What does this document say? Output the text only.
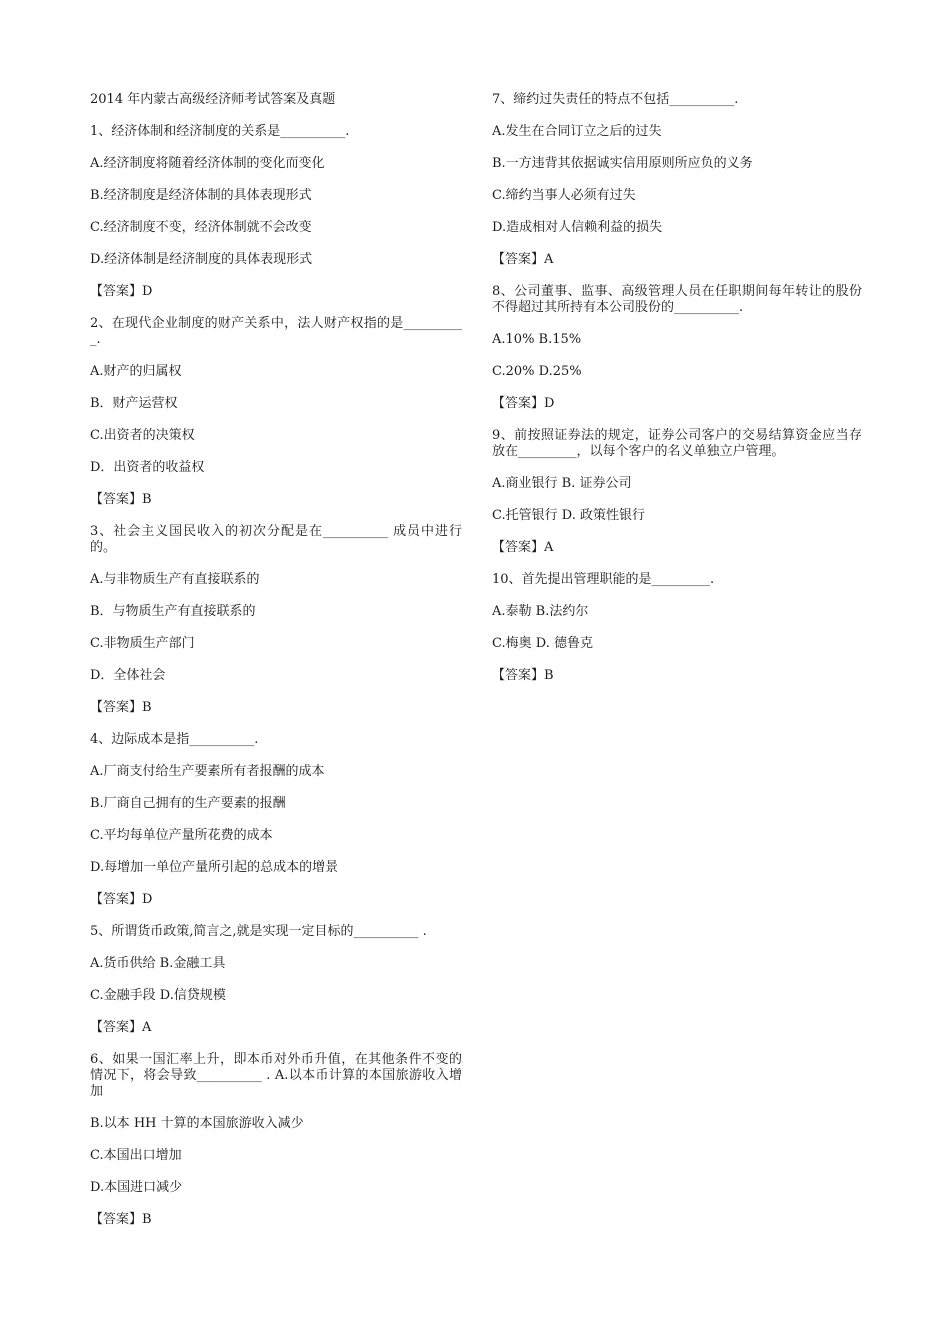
2014 年内蒙古高级经济师考试答案及真题
1、经济体制和经济制度的关系是__________.
A.经济制度将随着经济体制的变化而变化
B.经济制度是经济体制的具体表现形式
C.经济制度不变，经济体制就不会改变
D.经济体制是经济制度的具体表现形式
【答案】D
2、在现代企业制度的财产关系中，法人财产权指的是__________.
A.财产的归属权
B．财产运营权
C.出资者的决策权
D．出资者的收益权
【答案】B
3、社会主义国民收入的初次分配是在__________ 成员中进行的。
A.与非物质生产有直接联系的
B．与物质生产有直接联系的
C.非物质生产部门
D．全体社会
【答案】B
4、边际成本是指__________.
A.厂商支付给生产要素所有者报酬的成本
B.厂商自己拥有的生产要素的报酬
C.平均每单位产量所花费的成本
D.每增加一单位产量所引起的总成本的增景
【答案】D
5、所谓货币政策,简言之,就是实现一定目标的__________ .
A.货币供给 B.金融工具
C.金融手段 D.信贷规模
【答案】A
6、如果一国汇率上升，即本币对外币升值，在其他条件不变的情况下，将会导致__________ . A.以本币计算的本国旅游收入增加
B.以本 HH 十算的本国旅游收入减少
C.本国出口增加
D.本国进口减少
【答案】B
7、缔约过失责任的特点不包括__________.
A.发生在合同订立之后的过失
B.一方违背其依据诚实信用原则所应负的义务
C.缔约当事人必须有过失
D.造成相对人信赖利益的损失
【答案】A
8、公司董事、监事、高级管理人员在任职期间每年转让的股份不得超过其所持有本公司股份的__________.
A.10% B.15%
C.20% D.25%
【答案】D
9、前按照证券法的规定，证券公司客户的交易结算资金应当存放在_________，以每个客户的名义单独立户管理。
A.商业银行 B. 证券公司
C.托管银行 D. 政策性银行
【答案】A
10、首先提出管理职能的是_________.
A.泰勒 B.法约尔
C.梅奥 D. 德鲁克
【答案】B
